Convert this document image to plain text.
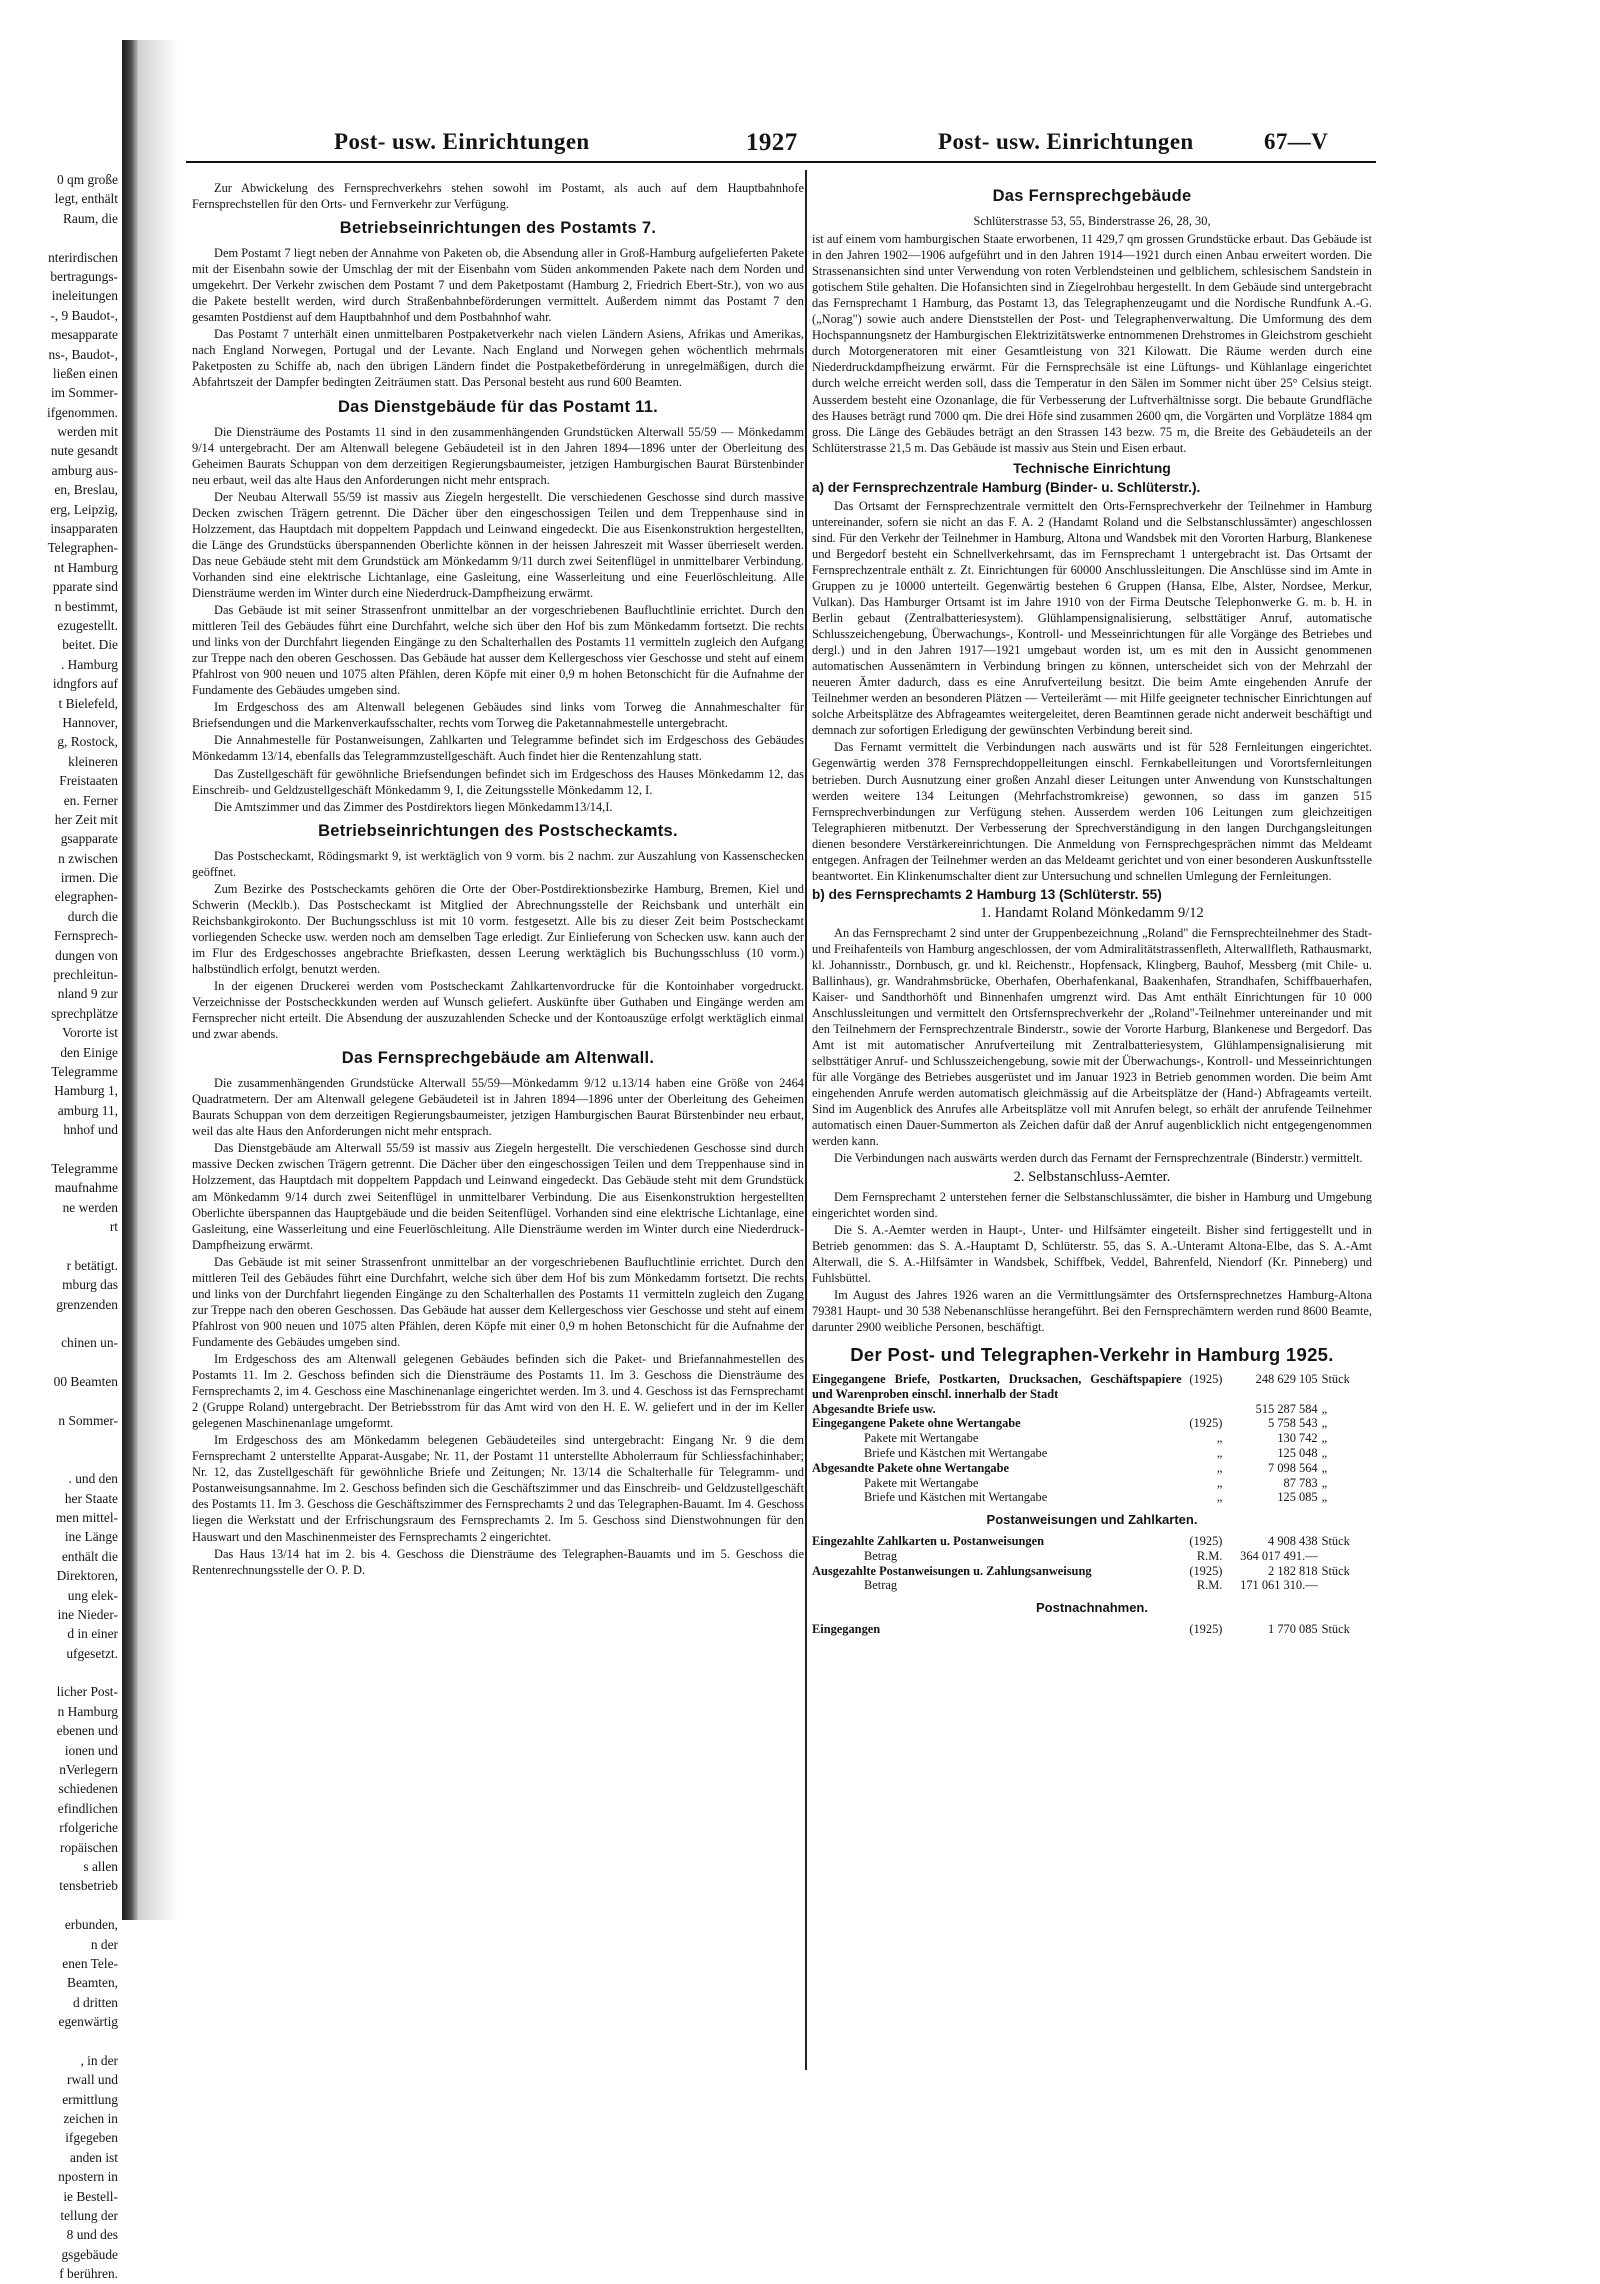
0 qm große
legt, enthält
Raum, die
nterirdischen
bertragungs-
ineleitungen
-, 9 Baudot-,
mesapparate
ns-, Baudot-,
ließen einen
im Sommer-
ifgenommen.
werden mit
nute gesandt
amburg aus-
en, Breslau,
erg, Leipzig,
insapparaten
Telegraphen-
nt Hamburg
pparate sind
n bestimmt,
ezugestellt.
beitet. Die
. Hamburg
idngfors auf
t Bielefeld,
Hannover,
g, Rostock,
kleineren
Freistaaten
en. Ferner
her Zeit mit
gsapparate
n zwischen
irmen. Die
elegraphen-
durch die
Fernsprech-
dungen von
prechleitun-
nland 9 zur
sprechplätze
Vororte ist
den Einige
Telegramme
Hamburg 1,
amburg 11,
hnhof und
Telegramme
maufnahme
ne werden
rt
r betätigt.
mburg das
grenzenden
chinen un-
00 Beamten
n Sommer-
. und den
her Staate
men mittel-
ine Länge
enthält die
Direktoren,
ung elek-
ine Nieder-
d in einer
ufgesetzt.
licher Post-
n Hamburg
ebenen und
ionen und
nVerlegern
schiedenen
efindlichen
rfolgeriche
ropäischen
s allen
tensbetrieb
erbunden,
n der
enen Tele-
Beamten,
d dritten
egenwärtig
, in der
rwall und
ermittlung
zeichen in
ifgegeben
anden ist
npostern in
ie Bestell-
tellung der
8 und des
gsgebäude
f berühren.
Post- usw. Einrichtungen	1927	Post- usw. Einrichtungen	67—V

Zur Abwickelung des Fernsprechverkehrs stehen sowohl im Postamt, als auch auf dem Hauptbahnhofe Fernsprechstellen für den Orts- und Fernverkehr zur Verfügung.

Betriebseinrichtungen des Postamts 7.

Dem Postamt 7 liegt neben der Annahme von Paketen ob, die Absendung aller in Groß-Hamburg aufgelieferten Pakete mit der Eisenbahn sowie der Umschlag der mit der Eisenbahn vom Süden ankommenden Pakete nach dem Norden und umgekehrt. Der Verkehr zwischen dem Postamt 7 und dem Paketpostamt (Hamburg 2, Friedrich Ebert-Str.), von wo aus die Pakete bestellt werden, wird durch Straßenbahnbeförderungen vermittelt. Außerdem nimmt das Postamt 7 den gesamten Postdienst auf dem Hauptbahnhof und dem Postbahnhof wahr.

Das Postamt 7 unterhält einen unmittelbaren Postpaketverkehr nach vielen Ländern Asiens, Afrikas und Amerikas, nach England Norwegen, Portugal und der Levante. Nach England und Norwegen gehen wöchentlich mehrmals Paketposten zu Schiffe ab, nach den übrigen Ländern findet die Postpaketbeförderung in unregelmäßigen, durch die Abfahrtszeit der Dampfer bedingten Zeiträumen statt. Das Personal besteht aus rund 600 Beamten.

Das Dienstgebäude für das Postamt 11.

Die Diensträume des Postamts 11 sind in den zusammenhängenden Grundstücken Alterwall 55/59 — Mönkedamm 9/14 untergebracht. Der am Altenwall belegene Gebäudeteil ist in den Jahren 1894—1896 unter der Oberleitung des Geheimen Baurats Schuppan von dem derzeitigen Regierungsbaumeister, jetzigen Hamburgischen Baurat Bürstenbinder neu erbaut, weil das alte Haus den Anforderungen nicht mehr entsprach.

Der Neubau Alterwall 55/59 ist massiv aus Ziegeln hergestellt. Die verschiedenen Geschosse sind durch massive Decken zwischen Trägern getrennt. Die Dächer über den eingeschossigen Teilen und dem Treppenhause sind in Holzzement, das Hauptdach mit doppeltem Pappdach und Leinwand eingedeckt. Die aus Eisenkonstruktion hergestellten, die Länge des Grundstücks überspannenden Oberlichte können in der heissen Jahreszeit mit Wasser überrieselt werden. Das neue Gebäude steht mit dem Grundstück am Mönkedamm 9/11 durch zwei Seitenflügel in unmittelbarer Verbindung. Vorhanden sind eine elektrische Lichtanlage, eine Gasleitung, eine Wasserleitung und eine Feuerlöschleitung. Alle Diensträume werden im Winter durch eine Niederdruck-Dampfheizung erwärmt.

Das Gebäude ist mit seiner Strassenfront unmittelbar an der vorgeschriebenen Baufluchtlinie errichtet. Durch den mittleren Teil des Gebäudes führt eine Durchfahrt, welche sich über den Hof bis zum Mönkedamm fortsetzt. Die rechts und links von der Durchfahrt liegenden Eingänge zu den Schalterhallen des Postamts 11 vermitteln zugleich den Aufgang zur Treppe nach den oberen Geschossen. Das Gebäude hat ausser dem Kellergeschoss vier Geschosse und steht auf einem Pfahlrost von 900 neuen und 1075 alten Pfählen, deren Köpfe mit einer 0,9 m hohen Betonschicht für die Aufnahme der Fundamente des Gebäudes umgeben sind.

Im Erdgeschoss des am Altenwall belegenen Gebäudes sind links vom Torweg die Annahmeschalter für Briefsendungen und die Markenverkaufsschalter, rechts vom Torweg die Paketannahmestelle untergebracht.

Die Annahmestelle für Postanweisungen, Zahlkarten und Telegramme befindet sich im Erdgeschoss des Gebäudes Mönkedamm 13/14, ebenfalls das Telegrammzustellgeschäft. Auch findet hier die Rentenzahlung statt.

Das Zustellgeschäft für gewöhnliche Briefsendungen befindet sich im Erdgeschoss des Hauses Mönkedamm 12, das Einschreib- und Geldzustellgeschäft Mönkedamm 9, I, die Zeitungsstelle Mönkedamm 12, I.

Die Amtszimmer und das Zimmer des Postdirektors liegen Mönkedamm13/14,I.

Betriebseinrichtungen des Postscheckamts.

Das Postscheckamt, Rödingsmarkt 9, ist werktäglich von 9 vorm. bis 2 nachm. zur Auszahlung von Kassenschecken geöffnet.

Zum Bezirke des Postscheckamts gehören die Orte der Ober-Postdirektionsbezirke Hamburg, Bremen, Kiel und Schwerin (Mecklb.). Das Postscheckamt ist Mitglied der Abrechnungsstelle der Reichsbank und unterhält ein Reichsbankgirokonto. Der Buchungsschluss ist mit 10 vorm. festgesetzt. Alle bis zu dieser Zeit beim Postscheckamt vorliegenden Schecke usw. werden noch am demselben Tage erledigt. Zur Einlieferung von Schecken usw. kann auch der im Flur des Erdgeschosses angebrachte Briefkasten, dessen Leerung werktäglich bis Buchungsschluss (10 vorm.) halbstündlich erfolgt, benutzt werden.

In der eigenen Druckerei werden vom Postscheckamt Zahlkartenvordrucke für die Kontoinhaber vorgedruckt. Verzeichnisse der Postscheckkunden werden auf Wunsch geliefert. Auskünfte über Guthaben und Eingänge werden am Fernsprecher nicht erteilt. Die Absendung der auszuzahlenden Schecke und der Kontoauszüge erfolgt werktäglich einmal und zwar abends.

Das Fernsprechgebäude am Altenwall.

Die zusammenhängenden Grundstücke Alterwall 55/59—Mönkedamm 9/12 u.13/14 haben eine Größe von 2464 Quadratmetern. Der am Altenwall gelegene Gebäudeteil ist in Jahren 1894—1896 unter der Oberleitung des Geheimen Baurats Schuppan von dem derzeitigen Regierungsbaumeister, jetzigen Hamburgischen Baurat Bürstenbinder neu erbaut, weil das alte Haus den Anforderungen nicht mehr entsprach.

Das Dienstgebäude am Alterwall 55/59 ist massiv aus Ziegeln hergestellt. Die verschiedenen Geschosse sind durch massive Decken zwischen Trägern getrennt. Die Dächer über den eingeschossigen Teilen und dem Treppenhause sind in Holzzement, das Hauptdach mit doppeltem Pappdach und Leinwand eingedeckt. Das Gebäude steht mit dem Grundstück am Mönkedamm 9/14 durch zwei Seitenflügel in unmittelbarer Verbindung. Die aus Eisenkonstruktion hergestellten Oberlichte überspannen das Hauptgebäude und die beiden Seitenflügel. Vorhanden sind eine elektrische Lichtanlage, eine Gasleitung, eine Wasserleitung und eine Feuerlöschleitung. Alle Diensträume werden im Winter durch eine Niederdruck-Dampfheizung erwärmt.

Das Gebäude ist mit seiner Strassenfront unmittelbar an der vorgeschriebenen Baufluchtlinie errichtet. Durch den mittleren Teil des Gebäudes führt eine Durchfahrt, welche sich über dem Hof bis zum Mönkedamm fortsetzt. Die rechts und links von der Durchfahrt liegenden Eingänge zu den Schalterhallen des Postamts 11 vermitteln zugleich den Zugang zur Treppe nach den oberen Geschossen. Das Gebäude hat ausser dem Kellergeschoss vier Geschosse und steht auf einem Pfahlrost von 900 neuen und 1075 alten Pfählen, deren Köpfe mit einer 0,9 m hohen Betonschicht für die Aufnahme der Fundamente des Gebäudes umgeben sind.

Im Erdgeschoss des am Altenwall gelegenen Gebäudes befinden sich die Paket- und Briefannahmestellen des Postamts 11. Im 2. Geschoss befinden sich die Diensträume des Postamts 11. Im 3. Geschoss die Diensträume des Fernsprechamts 2, im 4. Geschoss eine Maschinenanlage eingerichtet werden. Im 3. und 4. Geschoss ist das Fernsprechamt 2 (Gruppe Roland) untergebracht. Der Betriebsstrom für das Amt wird von den H. E. W. geliefert und in der im Keller gelegenen Maschinenanlage umgeformt.

Im Erdgeschoss des am Mönkedamm belegenen Gebäudeteiles sind untergebracht: Eingang Nr. 9 die dem Fernsprechamt 2 unterstellte Apparat-Ausgabe; Nr. 11, der Postamt 11 unterstellte Abholerraum für Schliessfachinhaber; Nr. 12, das Zustellgeschäft für gewöhnliche Briefe und Zeitungen; Nr. 13/14 die Schalterhalle für Telegramm- und Postanweisungsannahme. Im 2. Geschoss befinden sich die Geschäftszimmer und das Einschreib- und Geldzustellgeschäft des Postamts 11. Im 3. Geschoss die Geschäftszimmer des Fernsprechamts 2 und das Telegraphen-Bauamt. Im 4. Geschoss liegen die Werkstatt und der Erfrischungsraum des Fernsprechamts 2. Im 5. Geschoss sind Dienstwohnungen für den Hauswart und den Maschinenmeister des Fernsprechamts 2 eingerichtet.

Das Haus 13/14 hat im 2. bis 4. Geschoss die Diensträume des Telegraphen-Bauamts und im 5. Geschoss die Rentenrechnungsstelle der O. P. D.

Das Fernsprechgebäude
Schlüterstrasse 53, 55, Binderstrasse 26, 28, 30,

ist auf einem vom hamburgischen Staate erworbenen, 11 429,7 qm grossen Grundstücke erbaut. Das Gebäude ist in den Jahren 1902—1906 aufgeführt und in den Jahren 1914—1921 durch einen Anbau erweitert worden. Die Strassenansichten sind unter Verwendung von roten Verblendsteinen und gelblichem, schlesischem Sandstein in gotischem Stile gehalten. Die Hofansichten sind in Ziegelrohbau hergestellt. In dem Gebäude sind untergebracht das Fernsprechamt 1 Hamburg, das Postamt 13, das Telegraphenzeugamt und die Nordische Rundfunk A.-G. („Norag") sowie auch andere Dienststellen der Post- und Telegraphenverwaltung. Die Umformung des dem Hochspannungsnetz der Hamburgischen Elektrizitätswerke entnommenen Drehstromes in Gleichstrom geschieht durch Motorgeneratoren mit einer Gesamtleistung von 321 Kilowatt. Die Räume werden durch eine Niederdruckdampfheizung erwärmt. Für die Fernsprechsäle ist eine Lüftungs- und Kühlanlage eingerichtet durch welche erreicht werden soll, dass die Temperatur in den Sälen im Sommer nicht über 25° Celsius steigt. Ausserdem besteht eine Ozonanlage, die für Verbesserung der Luftverhältnisse sorgt. Die bebaute Grundfläche des Hauses beträgt rund 7000 qm. Die drei Höfe sind zusammen 2600 qm, die Vorgärten und Vorplätze 1884 qm gross. Die Länge des Gebäudes beträgt an den Strassen 143 bezw. 75 m, die Breite des Gebäudeteils an der Schlüterstrasse 21,5 m. Das Gebäude ist massiv aus Stein und Eisen erbaut.

Technische Einrichtung
a) der Fernsprechzentrale Hamburg (Binder- u. Schlüterstr.).

Das Ortsamt der Fernsprechzentrale vermittelt den Orts-Fernsprechverkehr der Teilnehmer in Hamburg untereinander, sofern sie nicht an das F. A. 2 (Handamt Roland und die Selbstanschlussämter) angeschlossen sind. Für den Verkehr der Teilnehmer in Hamburg, Altona und Wandsbek mit den Vororten Harburg, Blankenese und Bergedorf besteht ein Schnellverkehrsamt, das im Fernsprechamt 1 untergebracht ist. Das Ortsamt der Fernsprechzentrale enthält z. Zt. Einrichtungen für 60000 Anschlussleitungen. Die Anschlüsse sind im Amte in Gruppen zu je 10000 unterteilt. Gegenwärtig bestehen 6 Gruppen (Hansa, Elbe, Alster, Nordsee, Merkur, Vulkan). Das Hamburger Ortsamt ist im Jahre 1910 von der Firma Deutsche Telephonwerke G. m. b. H. in Berlin gebaut (Zentralbatteriesystem). Glühlampensignalisierung, selbsttätiger Anruf, automatische Schlusszeichengebung, Überwachungs-, Kontroll- und Messeinrichtungen für alle Vorgänge des Betriebes und dergl.) und in den Jahren 1917—1921 umgebaut worden ist, um es mit den in Aussicht genommenen automatischen Aussenämtern in Verbindung bringen zu können, unterscheidet sich von der Mehrzahl der neueren Ämter dadurch, dass es eine Anrufverteilung besitzt. Die beim Amte eingehenden Anrufe der Teilnehmer werden an besonderen Plätzen — Verteilerämt — mit Hilfe geeigneter technischer Einrichtungen auf solche Arbeitsplätze des Abfrageamtes weitergeleitet, deren Beamtinnen gerade nicht anderweit beschäftigt und demnach zur sofortigen Erledigung der gewünschten Verbindung bereit sind.

Das Fernamt vermittelt die Verbindungen nach auswärts und ist für 528 Fernleitungen eingerichtet. Gegenwärtig werden 378 Fernsprechdoppelleitungen einschl. Fernkabelleitungen und Vorortsfernleitungen betrieben. Durch Ausnutzung einer großen Anzahl dieser Leitungen unter Anwendung von Kunstschaltungen werden weitere 134 Leitungen (Mehrfachstromkreise) gewonnen, so dass im ganzen 515 Fernsprechverbindungen zur Verfügung stehen. Ausserdem werden 106 Leitungen zum gleichzeitigen Telegraphieren mitbenutzt. Der Verbesserung der Sprechverständigung in den langen Durchgangsleitungen dienen besondere Verstärkereinrichtungen. Die Anmeldung von Fernsprechgesprächen nimmt das Meldeamt entgegen. Anfragen der Teilnehmer werden an das Meldeamt gerichtet und von einer besonderen Auskunftsstelle beantwortet. Ein Klinkenumschalter dient zur Untersuchung und schnellen Umlegung der Fernleitungen.

b) des Fernsprechamts 2 Hamburg 13 (Schlüterstr. 55)
1. Handamt Roland Mönkedamm 9/12

An das Fernsprechamt 2 sind unter der Gruppenbezeichnung „Roland" die Fernsprechteilnehmer des Stadt- und Freihafenteils von Hamburg angeschlossen, der vom Admiralitätstrassenfleth, Alterwallfleth, Rathausmarkt, kl. Johannisstr., Dornbusch, gr. und kl. Reichenstr., Hopfensack, Klingberg, Bauhof, Messberg (mit Chile- u. Ballinhaus), gr. Wandrahmsbrücke, Oberhafen, Oberhafenkanal, Baakenhafen, Strandhafen, Schiffbauerhafen, Kaiser- und Sandthorhöft und Binnenhafen umgrenzt wird. Das Amt enthält Einrichtungen für 10 000 Anschlussleitungen und vermittelt den Ortsfernsprechverkehr der „Roland"-Teilnehmer untereinander und mit den Teilnehmern der Fernsprechzentrale Binderstr., sowie der Vororte Harburg, Blankenese und Bergedorf. Das Amt ist mit automatischer Anrufverteilung mit Zentralbatteriesystem, Glühlampensignalisierung mit selbsttätiger Anruf- und Schlusszeichengebung, sowie mit der Überwachungs-, Kontroll- und Messeinrichtungen für alle Vorgänge des Betriebes ausgerüstet und im Januar 1923 in Betrieb genommen worden. Die beim Amt eingehenden Anrufe werden automatisch gleichmässig auf die Arbeitsplätze der (Hand-) Abfrageamts verteilt. Sind im Augenblick des Anrufes alle Arbeitsplätze voll mit Anrufen belegt, so erhält der anrufende Teilnehmer automatisch einen Dauer-Summerton als Zeichen dafür daß der Anruf augenblicklich nicht entgegengenommen werden kann.

Die Verbindungen nach auswärts werden durch das Fernamt der Fernsprechzentrale (Binderstr.) vermittelt.

2. Selbstanschluss-Aemter.

Dem Fernsprechamt 2 unterstehen ferner die Selbstanschlussämter, die bisher in Hamburg und Umgebung eingerichtet worden sind.

Die S. A.-Aemter werden in Haupt-, Unter- und Hilfsämter eingeteilt. Bisher sind fertiggestellt und in Betrieb genommen: das S. A.-Hauptamt D, Schlüterstr. 55, das S. A.-Unteramt Altona-Elbe, das S. A.-Amt Alterwall, die S. A.-Hilfsämter in Wandsbek, Schiffbek, Veddel, Bahrenfeld, Niendorf (Kr. Pinneberg) und Fuhlsbüttel.

Im August des Jahres 1926 waren an die Vermittlungsämter des Ortsfernsprechnetzes Hamburg-Altona 79381 Haupt- und 30 538 Nebenanschlüsse herangeführt. Bei den Fernsprechämtern werden rund 8600 Beamte, darunter 2900 weibliche Personen, beschäftigt.

Der Post- und Telegraphen-Verkehr in Hamburg 1925.
Eingegangene Briefe, Postkarten, Drucksachen, Geschäftspapiere und Warenproben einschl. innerhalb der Stadt	(1925)	248 629 105	Stück
Abgesandte Briefe usw.		515 287 584	„
Eingegangene Pakete ohne Wertangabe	(1925)	5 758 543	„
Pakete mit Wertangabe	„	130 742	„
Briefe und Kästchen mit Wertangabe	„	125 048	„
Abgesandte Pakete ohne Wertangabe	„	7 098 564	„
Pakete mit Wertangabe	„	87 783	„
Briefe und Kästchen mit Wertangabe	„	125 085	„
Postanweisungen und Zahlkarten.			
Eingezahlte Zahlkarten u. Postanweisungen	(1925)	4 908 438	Stück
Betrag	R.M.	364 017 491.—	
Ausgezahlte Postanweisungen u. Zahlungsanweisung	(1925)	2 182 818	Stück
Betrag	R.M.	171 061 310.—	
Postnachnahmen.			
Eingegangen	(1925)	1 770 085	Stück
